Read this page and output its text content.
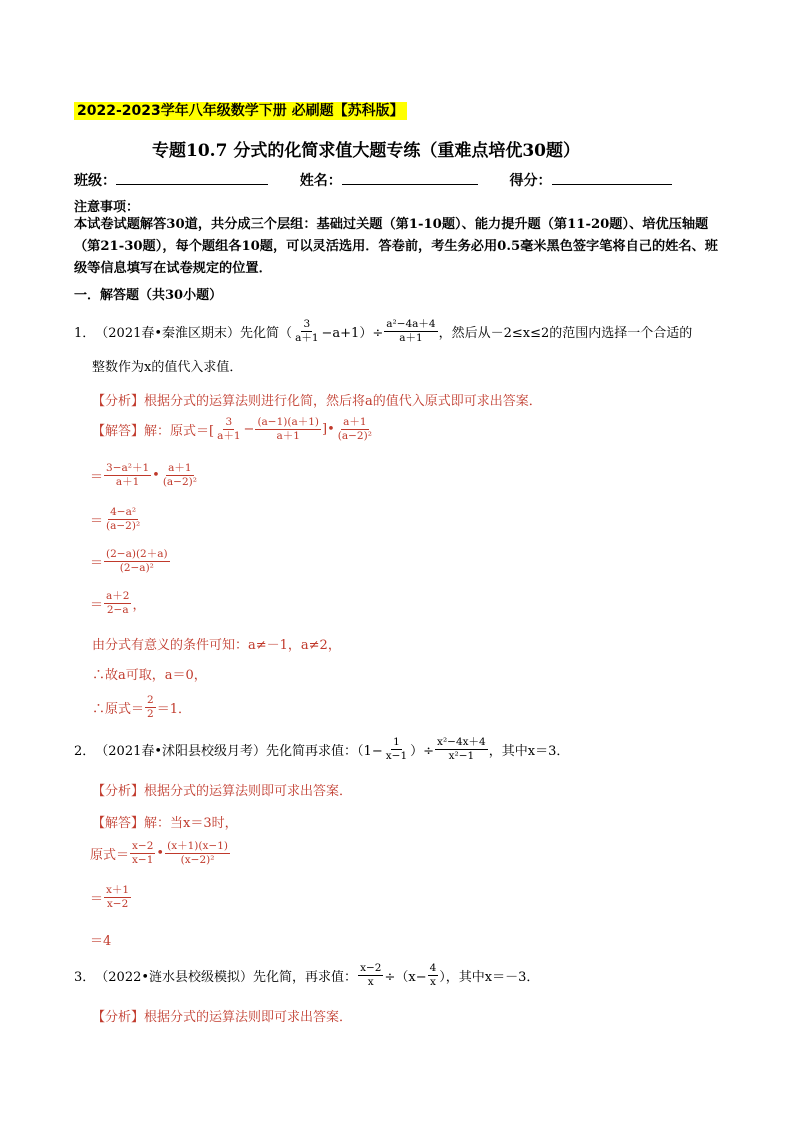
2022-2023学年八年级数学下册 必刷题【苏科版】
专题10.7 分式的化简求值大题专练（重难点培优30题）
班级：	姓名：	得分：
注意事项：
本试卷试题解答30道，共分成三个层组：基础过关题（第1-10题）、能力提升题（第11-20题）、培优压轴题（第21-30题），每个题组各10题，可以灵活选用．答卷前，考生务必用0.5毫米黑色签字笔将自己的姓名、班级等信息填写在试卷规定的位置．
一．解答题（共30小题）
1． （2021春•秦淮区期末） 先化简（ $\frac{3}{a+1} -a+1)\div \frac{\text{a²−4a＋4}}{a+1}$ ，然后从－2≤x≤2的范围内选择一个合适的
整数作为x的值代入求值．
【分析】根据分式的运算法则进行化简，然后将a的值代入原式即可求出答案．
【解答】 解：原式＝[ $\frac{3}{a+1} - \frac{(a-1)(a+1)}{a+1}$ ]• $\frac{a+1}{\text{(a−2)²}}$
＝ $\frac{\text{3−a²＋1}}{a+1}$ • $\frac{a+1}{\text{(a−2)²}}$
＝ $\frac{\text{4−a²}}{\text{(a−2)²}}$
＝ $\frac{(2-a)(2+a)}{\text{(2−a)²}}$
＝ $\frac{a+2}{2-a}$ ，
由分式有意义的条件可知：a≠－1，a≠2，
∴故a可取，a＝0，
∴原式＝ $\frac{2}{2} =1$．
2． （2021春•沭阳县校级月考） 先化简再求值：（$1- \frac{1}{x-1}$ ）÷ $\frac{\text{x²−4x＋4}}{\text{x²−1}}$ ，其中x＝3．
【分析】根据分式的运算法则即可求出答案．
【解答】解：当x＝3时，
原式＝ $\frac{x-2}{x-1}$ • $\frac{(x+1)(x-1)}{\text{(x−2)²}}$
＝ $\frac{x+1}{x-2}$
＝4
3． （2022•涟水县校级模拟） 先化简，再求值： $\frac{x-2}{x} \div(x- \frac{4}{x}$ ），其中x＝－3．
【分析】根据分式的运算法则即可求出答案．
